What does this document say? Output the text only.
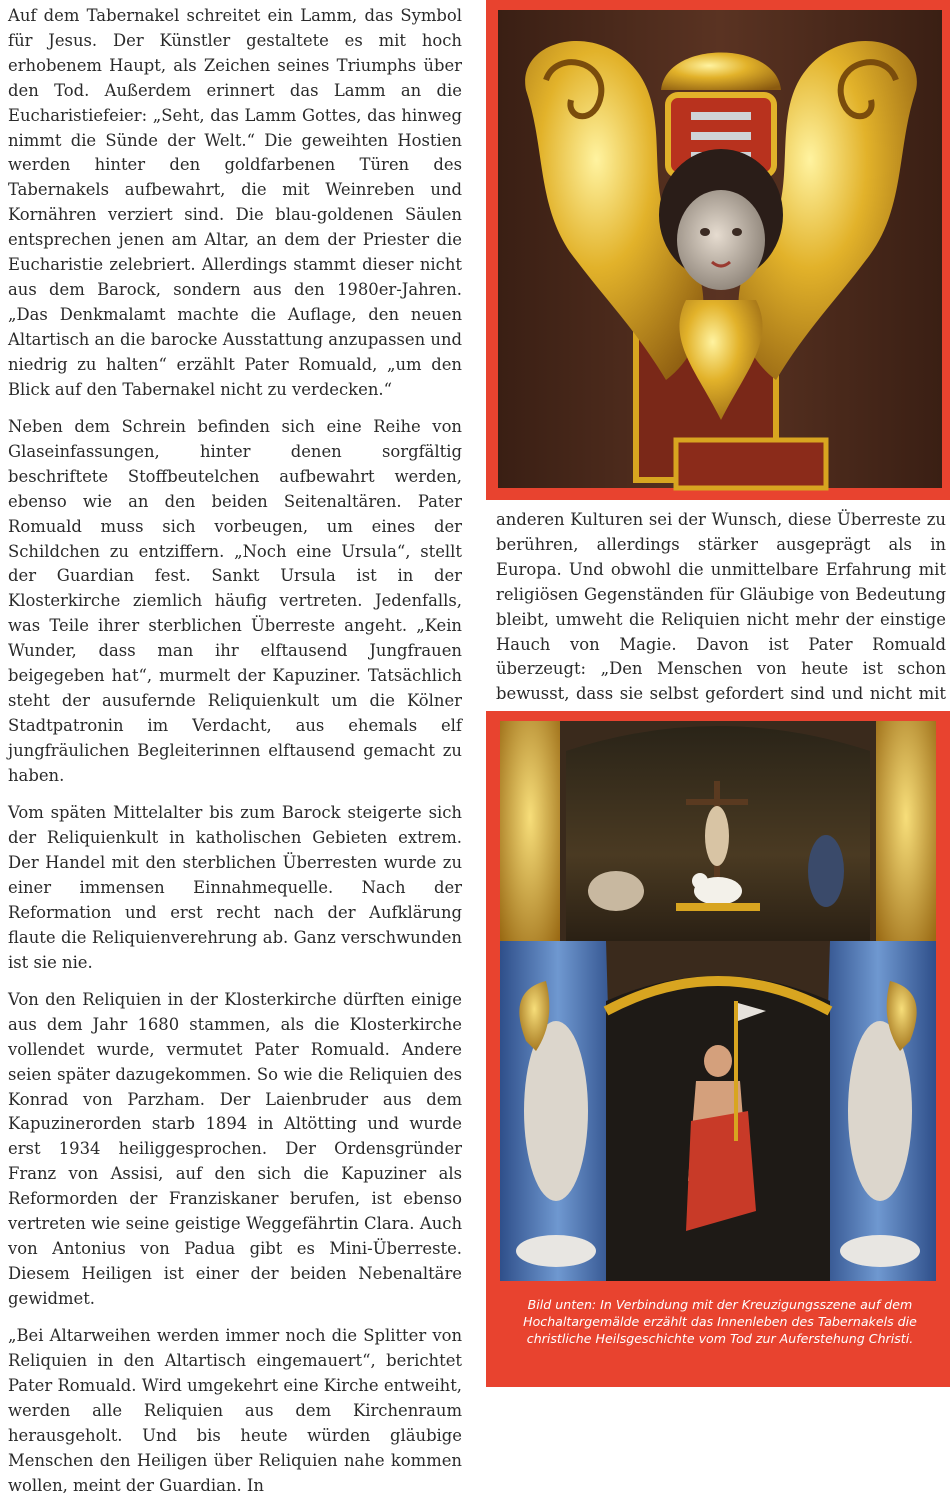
Auf dem Tabernakel schreitet ein Lamm, das Symbol für Jesus. Der Künstler gestaltete es mit hoch erhobenem Haupt, als Zeichen seines Triumphs über den Tod. Außerdem erinnert das Lamm an die Eucharistiefeier: „Seht, das Lamm Gottes, das hinweg nimmt die Sünde der Welt.“ Die geweihten Hostien werden hinter den goldfarbenen Türen des Tabernakels aufbewahrt, die mit Weinreben und Kornähren verziert sind. Die blau-goldenen Säulen entsprechen jenen am Altar, an dem der Priester die Eucharistie zelebriert. Allerdings stammt dieser nicht aus dem Barock, sondern aus den 1980er-Jahren. „Das Denkmalamt machte die Auflage, den neuen Altartisch an die barocke Ausstattung anzupassen und niedrig zu halten“ erzählt Pater Romuald, „um den Blick auf den Tabernakel nicht zu verdecken.“

Neben dem Schrein befinden sich eine Reihe von Glaseinfassungen, hinter denen sorgfältig beschriftete Stoffbeutelchen aufbewahrt werden, ebenso wie an den beiden Seitenaltären. Pater Romuald muss sich vorbeugen, um eines der Schildchen zu entziffern. „Noch eine Ursula“, stellt der Guardian fest. Sankt Ursula ist in der Klosterkirche ziemlich häufig vertreten. Jedenfalls, was Teile ihrer sterblichen Überreste angeht. „Kein Wunder, dass man ihr elftausend Jungfrauen beigegeben hat“, murmelt der Kapuziner. Tatsächlich steht der ausufernde Reliquienkult um die Kölner Stadtpatronin im Verdacht, aus ehemals elf jungfräulichen Begleiterinnen elftausend gemacht zu haben.

Vom späten Mittelalter bis zum Barock steigerte sich der Reliquienkult in katholischen Gebieten extrem. Der Handel mit den sterblichen Überresten wurde zu einer immensen Einnahmequelle. Nach der Reformation und erst recht nach der Aufklärung flaute die Reliquienverehrung ab. Ganz verschwunden ist sie nie.

Von den Reliquien in der Klosterkirche dürften einige aus dem Jahr 1680 stammen, als die Klosterkirche vollendet wurde, vermutet Pater Romuald. Andere seien später dazugekommen. So wie die Reliquien des Konrad von Parzham. Der Laienbruder aus dem Kapuzinerorden starb 1894 in Altötting und wurde erst 1934 heiliggesprochen. Der Ordensgründer Franz von Assisi, auf den sich die Kapuziner als Reformorden der Franziskaner berufen, ist ebenso vertreten wie seine geistige Weggefährtin Clara. Auch von Antonius von Padua gibt es Mini-Überreste. Diesem Heiligen ist einer der beiden Nebenaltäre gewidmet.

„Bei Altarweihen werden immer noch die Splitter von Reliquien in den Altartisch eingemauert“, berichtet Pater Romuald. Wird umgekehrt eine Kirche entweiht, werden alle Reliquien aus dem Kirchenraum herausgeholt. Und bis heute würden gläubige Menschen den Heiligen über Reliquien nahe kommen wollen, meint der Guardian. In

anderen Kulturen sei der Wunsch, diese Überreste zu berühren, allerdings stärker ausgeprägt als in Europa. Und obwohl die unmittelbare Erfahrung mit religiösen Gegenständen für Gläubige von Bedeutung bleibt, umweht die Reliquien nicht mehr der einstige Hauch von Magie. Davon ist Pater Romuald überzeugt: „Den Menschen von heute ist schon bewusst, dass sie selbst gefordert sind und nicht mit

Bild unten: In Verbindung mit der Kreuzigungsszene auf dem Hochaltargemälde erzählt das Innenleben des Tabernakels die christliche Heilsgeschichte vom Tod zur Auferstehung Christi.
